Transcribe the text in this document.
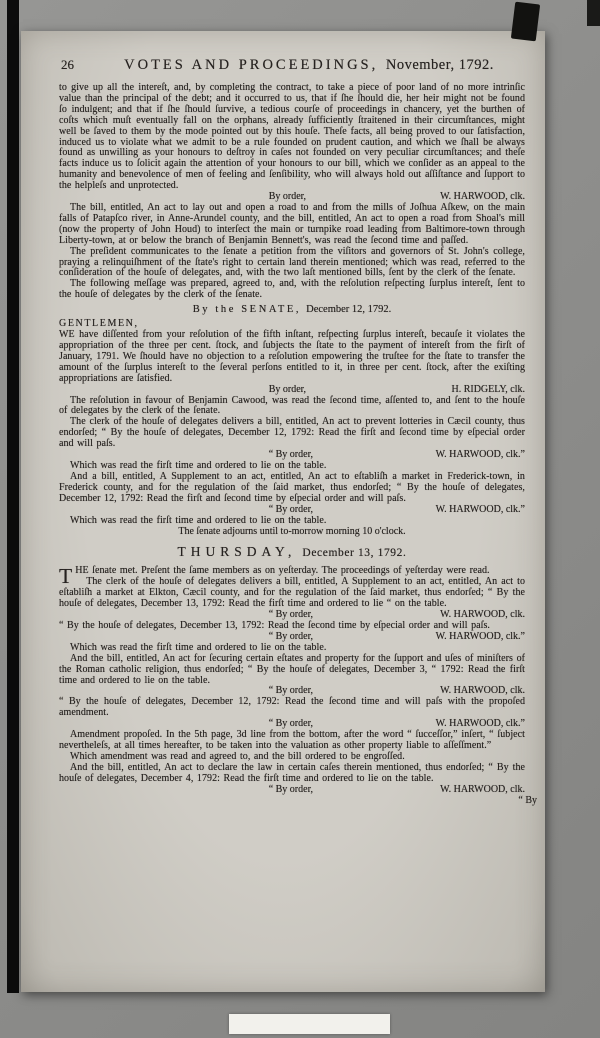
26	VOTES AND PROCEEDINGS, November, 1792.

to give up all the intereſt, and, by completing the contract, to take a piece of poor land of no more intrinſic value than the principal of the debt; and it occurred to us, that if ſhe ſhould die, her heir might not be found ſo indulgent; and that if ſhe ſhould ſurvive, a tedious courſe of proceedings in chancery, yet the burthen of coſts which muſt eventually fall on the orphans, already ſufficiently ſtraitened in their circumſtances, might well be ſaved to them by the mode pointed out by this houſe. Theſe facts, all being proved to our ſatisfaction, induced us to violate what we admit to be a rule founded on prudent caution, and which we ſhall be always found as unwilling as your honours to deſtroy in caſes not founded on very peculiar circumſtances; and theſe facts induce us to ſolicit again the attention of your honours to our bill, which we conſider as an appeal to the humanity and benevolence of men of feeling and ſenſibility, who will always hold out aſſiſtance and ſupport to the helpleſs and unprotected.

By order,	W. HARWOOD, clk.

The bill, entitled, An act to lay out and open a road to and from the mills of Joſhua Aſkew, on the main falls of Patapſco river, in Anne-Arundel county, and the bill, entitled, An act to open a road from Shoal's mill (now the property of John Houd) to interſect the main or turnpike road leading from Baltimore-town through Liberty-town, at or below the branch of Benjamin Bennett's, was read the ſecond time and paſſed.

The preſident communicates to the ſenate a petition from the viſitors and governors of St. John's college, praying a relinquiſhment of the ſtate's right to certain land therein mentioned; which was read, referred to the conſideration of the houſe of delegates, and, with the two laſt mentioned bills, ſent by the clerk of the ſenate.

The following meſſage was prepared, agreed to, and, with the reſolution reſpecting ſurplus intereſt, ſent to the houſe of delegates by the clerk of the ſenate.

By the SENATE, December 12, 1792.
GENTLEMEN,

WE have diſſented from your reſolution of the fifth inſtant, reſpecting ſurplus intereſt, becauſe it violates the appropriation of the three per cent. ſtock, and ſubjects the ſtate to the payment of intereſt from the firſt of January, 1791. We ſhould have no objection to a reſolution empowering the truſtee for the ſtate to transfer the amount of the ſurplus intereſt to the ſeveral perſons entitled to it, in three per cent. ſtock, after the exiſting appropriations are ſatisfied.

By order,	H. RIDGELY, clk.

The reſolution in favour of Benjamin Cawood, was read the ſecond time, aſſented to, and ſent to the houſe of delegates by the clerk of the ſenate.

The clerk of the houſe of delegates delivers a bill, entitled, An act to prevent lotteries in Cæcil county, thus endorſed; “ By the houſe of delegates, December 12, 1792: Read the firſt and ſecond time by eſpecial order and will paſs.

“ By order,	W. HARWOOD, clk.”

Which was read the firſt time and ordered to lie on the table.

And a bill, entitled, A Supplement to an act, entitled, An act to eſtabliſh a market in Frederick-town, in Frederick county, and for the regulation of the ſaid market, thus endorſed; “ By the houſe of delegates, December 12, 1792: Read the firſt and ſecond time by eſpecial order and will paſs.

“ By order,	W. HARWOOD, clk.”

Which was read the firſt time and ordered to lie on the table.

The ſenate adjourns until to-morrow morning 10 o'clock.
THURSDAY, December 13, 1792.

THE ſenate met. Preſent the ſame members as on yeſterday. The proceedings of yeſterday were read.

The clerk of the houſe of delegates delivers a bill, entitled, A Supplement to an act, entitled, An act to eſtabliſh a market at Elkton, Cæcil county, and for the regulation of the ſaid market, thus endorſed; “ By the houſe of delegates, December 13, 1792: Read the firſt time and ordered to lie “ on the table.

“ By order,	W. HARWOOD, clk.

“ By the houſe of delegates, December 13, 1792: Read the ſecond time by eſpecial order and will paſs.

“ By order,	W. HARWOOD, clk.”

Which was read the firſt time and ordered to lie on the table.

And the bill, entitled, An act for ſecuring certain eſtates and property for the ſupport and uſes of miniſters of the Roman catholic religion, thus endorſed; “ By the houſe of delegates, December 3, “ 1792: Read the firſt time and ordered to lie on the table.

“ By order,	W. HARWOOD, clk.

“ By the houſe of delegates, December 12, 1792: Read the ſecond time and will paſs with the propoſed amendment.

“ By order,	W. HARWOOD, clk.”

Amendment propoſed. In the 5th page, 3d line from the bottom, after the word “ ſucceſſor,” inſert, “ ſubject nevertheleſs, at all times hereafter, to be taken into the valuation as other property liable to aſſeſſment.”

Which amendment was read and agreed to, and the bill ordered to be engroſſed.

And the bill, entitled, An act to declare the law in certain caſes therein mentioned, thus endorſed; “ By the houſe of delegates, December 4, 1792: Read the firſt time and ordered to lie on the table.

“ By order,	W. HARWOOD, clk.
“ By
